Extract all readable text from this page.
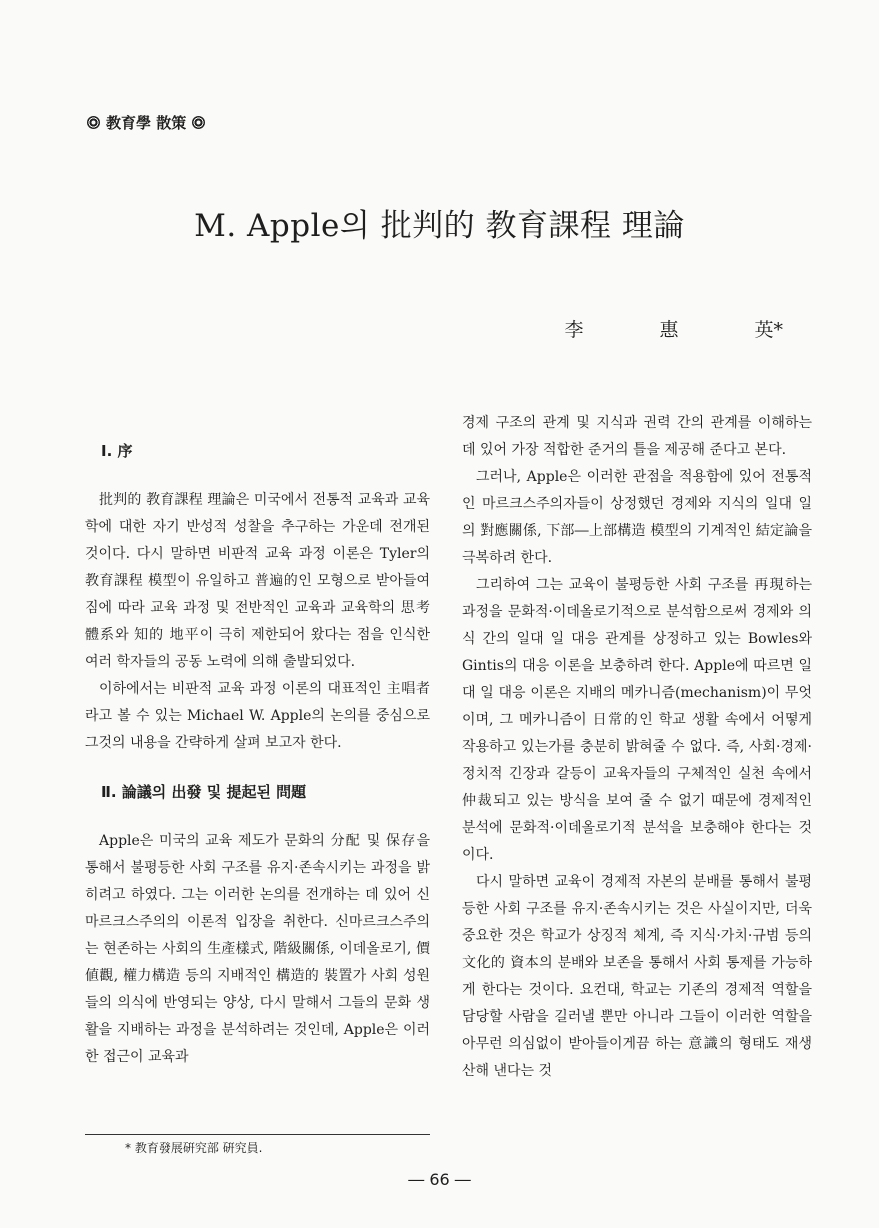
教育學 散策
M. Apple의 批判的 教育課程 理論
李	惠	英*
Ⅰ. 序

批判的 教育課程 理論은 미국에서 전통적 교육과 교육학에 대한 자기 반성적 성찰을 추구하는 가운데 전개된 것이다. 다시 말하면 비판적 교육 과정 이론은 Tyler의 教育課程 模型이 유일하고 普遍的인 모형으로 받아들여짐에 따라 교육 과정 및 전반적인 교육과 교육학의 思考體系와 知的 地平이 극히 제한되어 왔다는 점을 인식한 여러 학자들의 공동 노력에 의해 출발되었다.

이하에서는 비판적 교육 과정 이론의 대표적인 主唱者라고 볼 수 있는 Michael W. Apple의 논의를 중심으로 그것의 내용을 간략하게 살펴 보고자 한다.

Ⅱ. 論議의 出發 및 提起된 問題

Apple은 미국의 교육 제도가 문화의 分配 및 保存을 통해서 불평등한 사회 구조를 유지·존속시키는 과정을 밝히려고 하였다. 그는 이러한 논의를 전개하는 데 있어 신마르크스주의의 이론적 입장을 취한다. 신마르크스주의는 현존하는 사회의 生產樣式, 階級關係, 이데올로기, 價値觀, 權力構造 등의 지배적인 構造的 裝置가 사회 성원들의 의식에 반영되는 양상, 다시 말해서 그들의 문화 생활을 지배하는 과정을 분석하려는 것인데, Apple은 이러한 접근이 교육과

경제 구조의 관계 및 지식과 권력 간의 관계를 이해하는 데 있어 가장 적합한 준거의 틀을 제공해 준다고 본다.

그러나, Apple은 이러한 관점을 적용함에 있어 전통적인 마르크스주의자들이 상정했던 경제와 지식의 일대 일의 對應關係, 下部―上部構造 模型의 기계적인 結定論을 극복하려 한다.

그리하여 그는 교육이 불평등한 사회 구조를 再現하는 과정을 문화적·이데올로기적으로 분석함으로써 경제와 의식 간의 일대 일 대응 관계를 상정하고 있는 Bowles와 Gintis의 대응 이론을 보충하려 한다. Apple에 따르면 일대 일 대응 이론은 지배의 메카니즘(mechanism)이 무엇이며, 그 메카니즘이 日常的인 학교 생활 속에서 어떻게 작용하고 있는가를 충분히 밝혀줄 수 없다. 즉, 사회·경제·정치적 긴장과 갈등이 교육자들의 구체적인 실천 속에서 仲裁되고 있는 방식을 보여 줄 수 없기 때문에 경제적인 분석에 문화적·이데올로기적 분석을 보충해야 한다는 것이다.

다시 말하면 교육이 경제적 자본의 분배를 통해서 불평등한 사회 구조를 유지·존속시키는 것은 사실이지만, 더욱 중요한 것은 학교가 상징적 체계, 즉 지식·가치·규범 등의 文化的 資本의 분배와 보존을 통해서 사회 통제를 가능하게 한다는 것이다. 요컨대, 학교는 기존의 경제적 역할을 담당할 사람을 길러낼 뿐만 아니라 그들이 이러한 역할을 아무런 의심없이 받아들이게끔 하는 意識의 형태도 재생산해 낸다는 것

* 教育發展硏究部 硏究員.
― 66 ―
